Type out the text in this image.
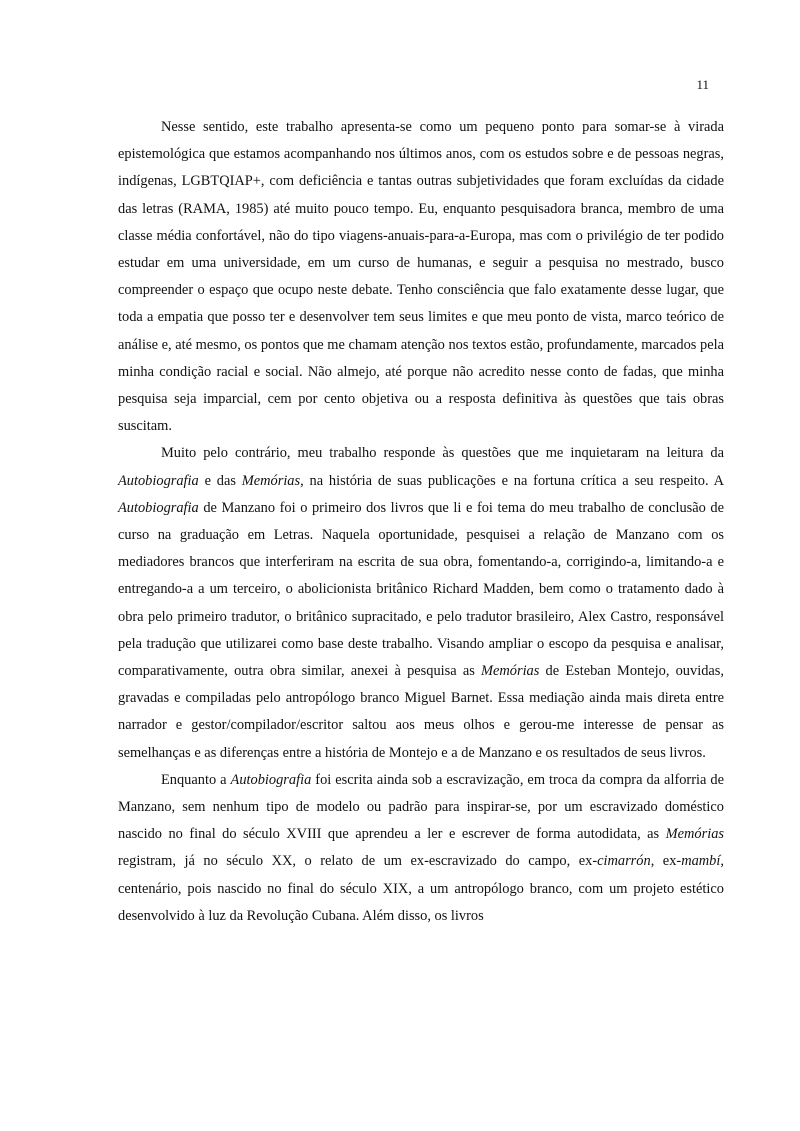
11

Nesse sentido, este trabalho apresenta-se como um pequeno ponto para somar-se à virada epistemológica que estamos acompanhando nos últimos anos, com os estudos sobre e de pessoas negras, indígenas, LGBTQIAP+, com deficiência e tantas outras subjetividades que foram excluídas da cidade das letras (RAMA, 1985) até muito pouco tempo. Eu, enquanto pesquisadora branca, membro de uma classe média confortável, não do tipo viagens-anuais-para-a-Europa, mas com o privilégio de ter podido estudar em uma universidade, em um curso de humanas, e seguir a pesquisa no mestrado, busco compreender o espaço que ocupo neste debate. Tenho consciência que falo exatamente desse lugar, que toda a empatia que posso ter e desenvolver tem seus limites e que meu ponto de vista, marco teórico de análise e, até mesmo, os pontos que me chamam atenção nos textos estão, profundamente, marcados pela minha condição racial e social. Não almejo, até porque não acredito nesse conto de fadas, que minha pesquisa seja imparcial, cem por cento objetiva ou a resposta definitiva às questões que tais obras suscitam.

Muito pelo contrário, meu trabalho responde às questões que me inquietaram na leitura da Autobiografia e das Memórias, na história de suas publicações e na fortuna crítica a seu respeito. A Autobiografia de Manzano foi o primeiro dos livros que li e foi tema do meu trabalho de conclusão de curso na graduação em Letras. Naquela oportunidade, pesquisei a relação de Manzano com os mediadores brancos que interferiram na escrita de sua obra, fomentando-a, corrigindo-a, limitando-a e entregando-a a um terceiro, o abolicionista britânico Richard Madden, bem como o tratamento dado à obra pelo primeiro tradutor, o britânico supracitado, e pelo tradutor brasileiro, Alex Castro, responsável pela tradução que utilizarei como base deste trabalho. Visando ampliar o escopo da pesquisa e analisar, comparativamente, outra obra similar, anexei à pesquisa as Memórias de Esteban Montejo, ouvidas, gravadas e compiladas pelo antropólogo branco Miguel Barnet. Essa mediação ainda mais direta entre narrador e gestor/compilador/escritor saltou aos meus olhos e gerou-me interesse de pensar as semelhanças e as diferenças entre a história de Montejo e a de Manzano e os resultados de seus livros.

Enquanto a Autobiografia foi escrita ainda sob a escravização, em troca da compra da alforria de Manzano, sem nenhum tipo de modelo ou padrão para inspirar-se, por um escravizado doméstico nascido no final do século XVIII que aprendeu a ler e escrever de forma autodidata, as Memórias registram, já no século XX, o relato de um ex-escravizado do campo, ex-cimarrón, ex-mambí, centenário, pois nascido no final do século XIX, a um antropólogo branco, com um projeto estético desenvolvido à luz da Revolução Cubana. Além disso, os livros
